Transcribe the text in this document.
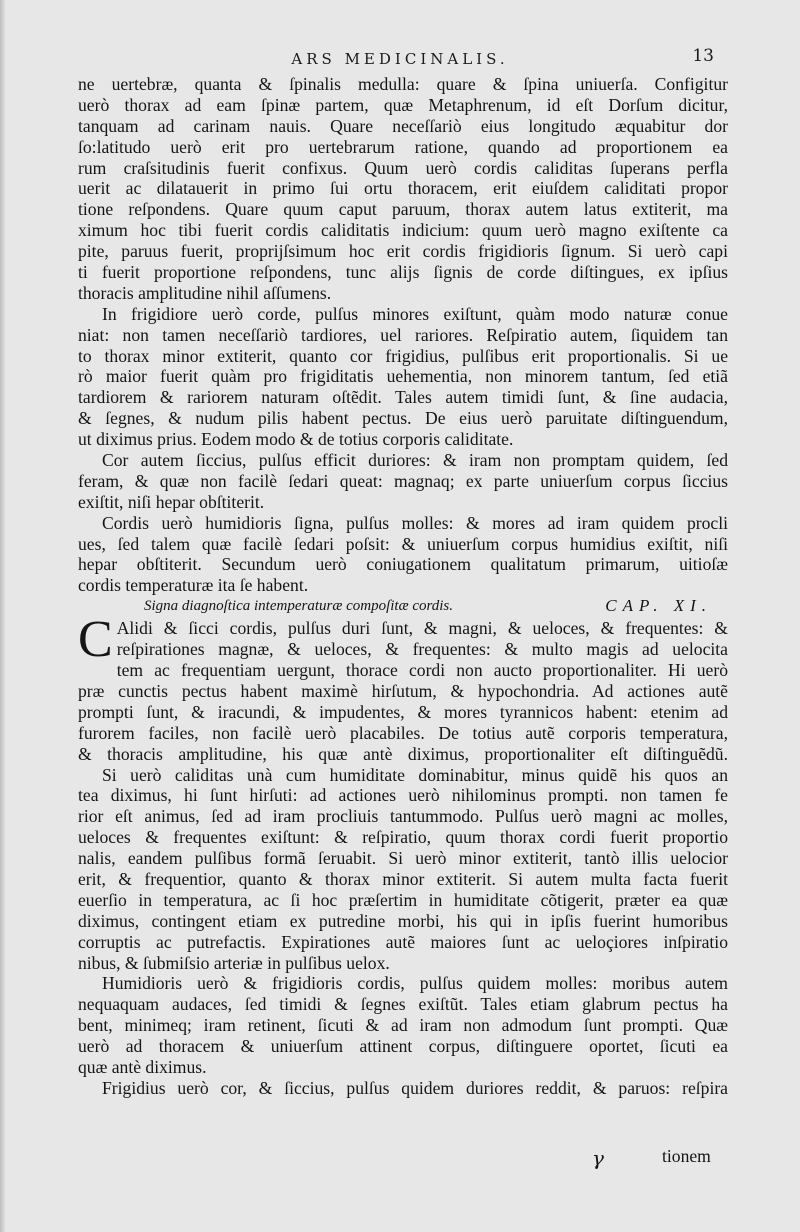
ARS MEDICINALIS.	13
ne uertebræ, quanta & ſpinalis medulla: quare & ſpina uniuerſa. Configitur
uerò thorax ad eam ſpinæ partem, quæ Metaphrenum, id eſt Dorſum dicitur,
tanquam ad carinam nauis. Quare neceſſariò eius longitudo æquabitur dor
ſo:latitudo uerò erit pro uertebrarum ratione, quando ad proportionem ea
rum craſsitudinis fuerit confixus. Quum uerò cordis caliditas ſuperans perfla
uerit ac dilatauerit in primo ſui ortu thoracem, erit eiuſdem caliditati propor
tione reſpondens. Quare quum caput paruum, thorax autem latus extiterit, ma
ximum hoc tibi fuerit cordis caliditatis indicium: quum uerò magno exiſtente ca
pite, paruus fuerit, proprijſsimum hoc erit cordis frigidioris ſignum. Si uerò capi
ti fuerit proportione reſpondens, tunc alijs ſignis de corde diſtingues, ex ipſius
thoracis amplitudine nihil aſſumens.
In frigidiore uerò corde, pulſus minores exiſtunt, quàm modo naturæ conue
niat: non tamen neceſſariò tardiores, uel rariores. Reſpiratio autem, ſiquidem tan
to thorax minor extiterit, quanto cor frigidius, pulſibus erit proportionalis. Si ue
rò maior fuerit quàm pro frigiditatis uehementia, non minorem tantum, ſed etiã
tardiorem & rariorem naturam oſtẽdit. Tales autem timidi ſunt, & ſine audacia,
& ſegnes, & nudum pilis habent pectus. De eius uerò paruitate diſtinguendum,
ut diximus prius. Eodem modo & de totius corporis caliditate.
Cor autem ſiccius, pulſus efficit duriores: & iram non promptam quidem, ſed
feram, & quæ non facilè ſedari queat: magnaq; ex parte uniuerſum corpus ſiccius
exiſtit, niſi hepar obſtiterit.
Cordis uerò humidioris ſigna, pulſus molles: & mores ad iram quidem procli
ues, ſed talem quæ facilè ſedari poſsit: & uniuerſum corpus humidius exiſtit, niſi
hepar obſtiterit. Secundum uerò coniugationem qualitatum primarum, uitioſæ
cordis temperaturæ ita ſe habent.
Signa diagnoſtica intemperaturæ compoſitæ cordis.	CAP. XI.
C Alidi & ſicci cordis, pulſus duri ſunt, & magni, & ueloces, & frequentes: &
reſpirationes magnæ, & ueloces, & frequentes: & multo magis ad uelocita
tem ac frequentiam uergunt, thorace cordi non aucto proportionaliter. Hi uerò
præ cunctis pectus habent maximè hirſutum, & hypochondria. Ad actiones autẽ
prompti ſunt, & iracundi, & impudentes, & mores tyrannicos habent: etenim ad
furorem faciles, non facilè uerò placabiles. De totius autẽ corporis temperatura,
& thoracis amplitudine, his quæ antè diximus, proportionaliter eſt diſtinguẽdũ.
Si uerò caliditas unà cum humiditate dominabitur, minus quidẽ his quos an
tea diximus, hi ſunt hirſuti: ad actiones uerò nihilominus prompti. non tamen fe
rior eſt animus, ſed ad iram procliuis tantummodo. Pulſus uerò magni ac molles,
ueloces & frequentes exiſtunt: & reſpiratio, quum thorax cordi fuerit proportio
nalis, eandem pulſibus formã ſeruabit. Si uerò minor extiterit, tantò illis uelocior
erit, & frequentior, quanto & thorax minor extiterit. Si autem multa facta fuerit
euerſio in temperatura, ac ſi hoc præſertim in humiditate cõtigerit, præter ea quæ
diximus, contingent etiam ex putredine morbi, his qui in ipſis fuerint humoribus
corruptis ac putrefactis. Expirationes autẽ maiores ſunt ac ueloçiores inſpiratio
nibus, & ſubmiſsio arteriæ in pulſibus uelox.
Humidioris uerò & frigidioris cordis, pulſus quidem molles: moribus autem
nequaquam audaces, ſed timidi & ſegnes exiſtũt. Tales etiam glabrum pectus ha
bent, minimeq; iram retinent, ſicuti & ad iram non admodum ſunt prompti. Quæ
uerò ad thoracem & uniuerſum attinent corpus, diſtinguere oportet, ſicuti ea
quæ antè diximus.
Frigidius uerò cor, & ſiccius, pulſus quidem duriores reddit, & paruos: reſpira
γ	tionem
